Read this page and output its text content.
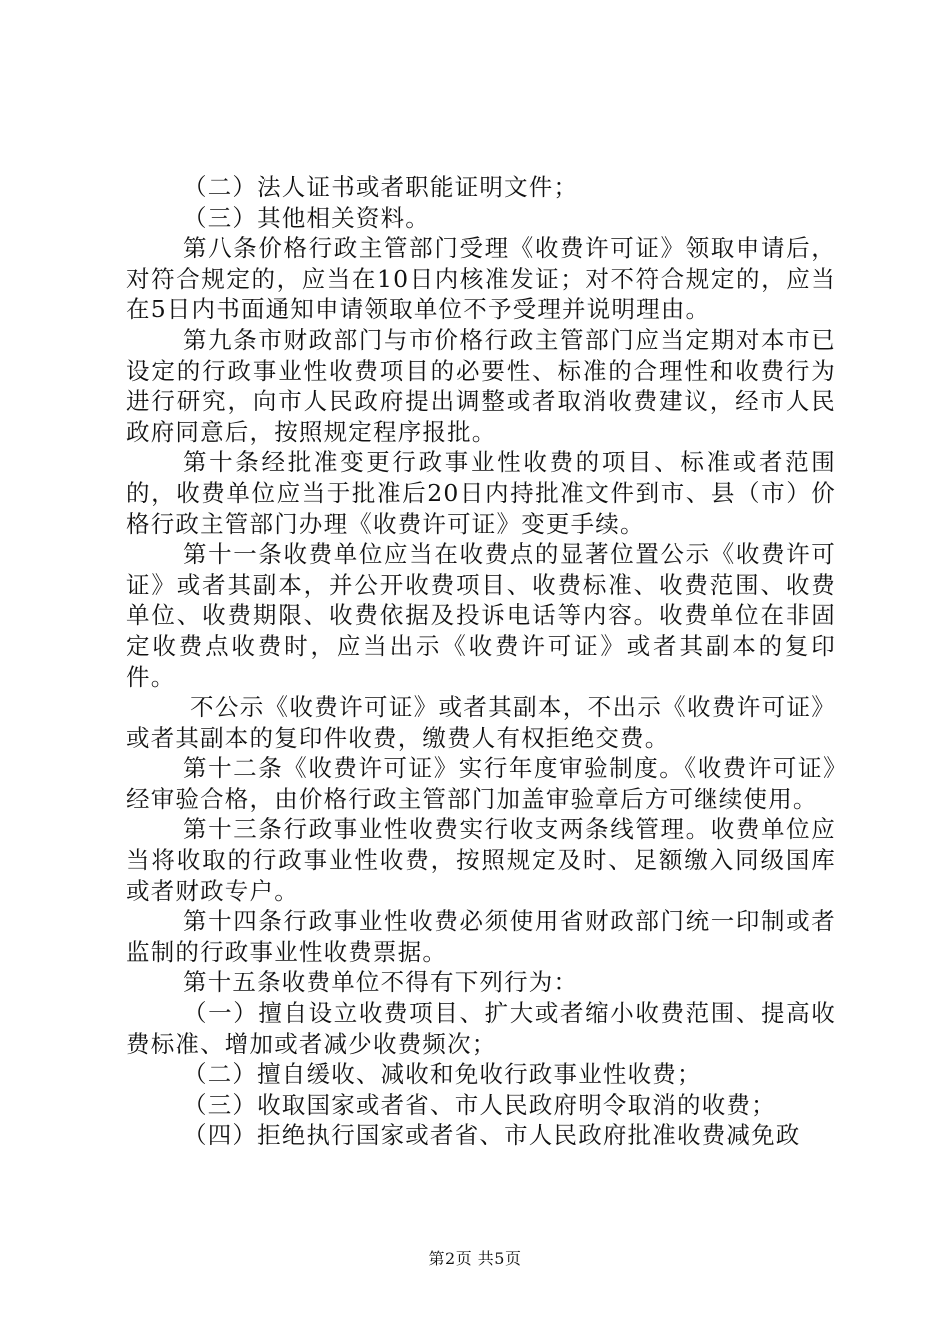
（二）法人证书或者职能证明文件；

（三）其他相关资料。

第八条价格行政主管部门受理《收费许可证》领取申请后，对符合规定的，应当在10日内核准发证；对不符合规定的，应当在5日内书面通知申请领取单位不予受理并说明理由。

第九条市财政部门与市价格行政主管部门应当定期对本市已设定的行政事业性收费项目的必要性、标准的合理性和收费行为进行研究，向市人民政府提出调整或者取消收费建议，经市人民政府同意后，按照规定程序报批。

第十条经批准变更行政事业性收费的项目、标准或者范围的，收费单位应当于批准后20日内持批准文件到市、县（市）价格行政主管部门办理《收费许可证》变更手续。

第十一条收费单位应当在收费点的显著位置公示《收费许可证》或者其副本，并公开收费项目、收费标准、收费范围、收费单位、收费期限、收费依据及投诉电话等内容。收费单位在非固定收费点收费时，应当出示《收费许可证》或者其副本的复印件。

不公示《收费许可证》或者其副本，不出示《收费许可证》或者其副本的复印件收费，缴费人有权拒绝交费。

第十二条《收费许可证》实行年度审验制度。《收费许可证》经审验合格，由价格行政主管部门加盖审验章后方可继续使用。

第十三条行政事业性收费实行收支两条线管理。收费单位应当将收取的行政事业性收费，按照规定及时、足额缴入同级国库或者财政专户。

第十四条行政事业性收费必须使用省财政部门统一印制或者监制的行政事业性收费票据。

第十五条收费单位不得有下列行为：

（一）擅自设立收费项目、扩大或者缩小收费范围、提高收费标准、增加或者减少收费频次；

（二）擅自缓收、减收和免收行政事业性收费；

（三）收取国家或者省、市人民政府明令取消的收费；

（四）拒绝执行国家或者省、市人民政府批准收费减免政

第2页 共5页
